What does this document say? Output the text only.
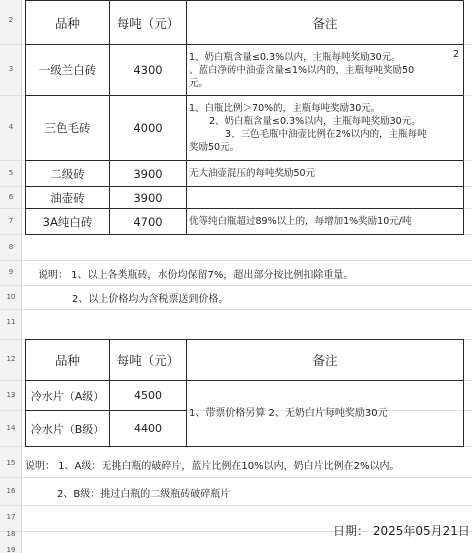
2
3
4
5
6
7
8
9
10
11
12
13
14
15
16
17
18
19
品种	每吨（元）	备注
一级兰白砖	4300	1、奶白瓶含量≤0.3%以内，主瓶每吨奖励30元。
、蓝白净砖中油壶含量≤1%以内的，主瓶每吨奖励50
元。
2

三色毛砖	4000	1、白瓶比例＞70%的，主瓶每吨奖励30元。
2、奶白瓶含量≤0.3%以内，主瓶每吨奖励30元。
3、三色毛瓶中油壶比例在2%以内的，主瓶每吨
奖励50元。

二级砖	3900	无大油壶混压的每吨奖励50元

油壶砖	3900	
3A纯白砖	4700	优等纯白瓶超过89%以上的，每增加1%奖励10元/吨
说明： 1、以上各类瓶砖，水份均保留7%，超出部分按比例扣除重量。
2、以上价格均为含税票送到价格。
品种	每吨（元）	备注
冷水片（A级）	4500	1、带票价格另算 2、无奶白片每吨奖励30元
冷水片（B级）	4400	
说明： 1、A级：无挑白瓶的破碎片，蓝片比例在10%以内，奶白片比例在2%以内。
2、B级：挑过白瓶的二级瓶砖破碎瓶片
日期： 2025年05月21日
